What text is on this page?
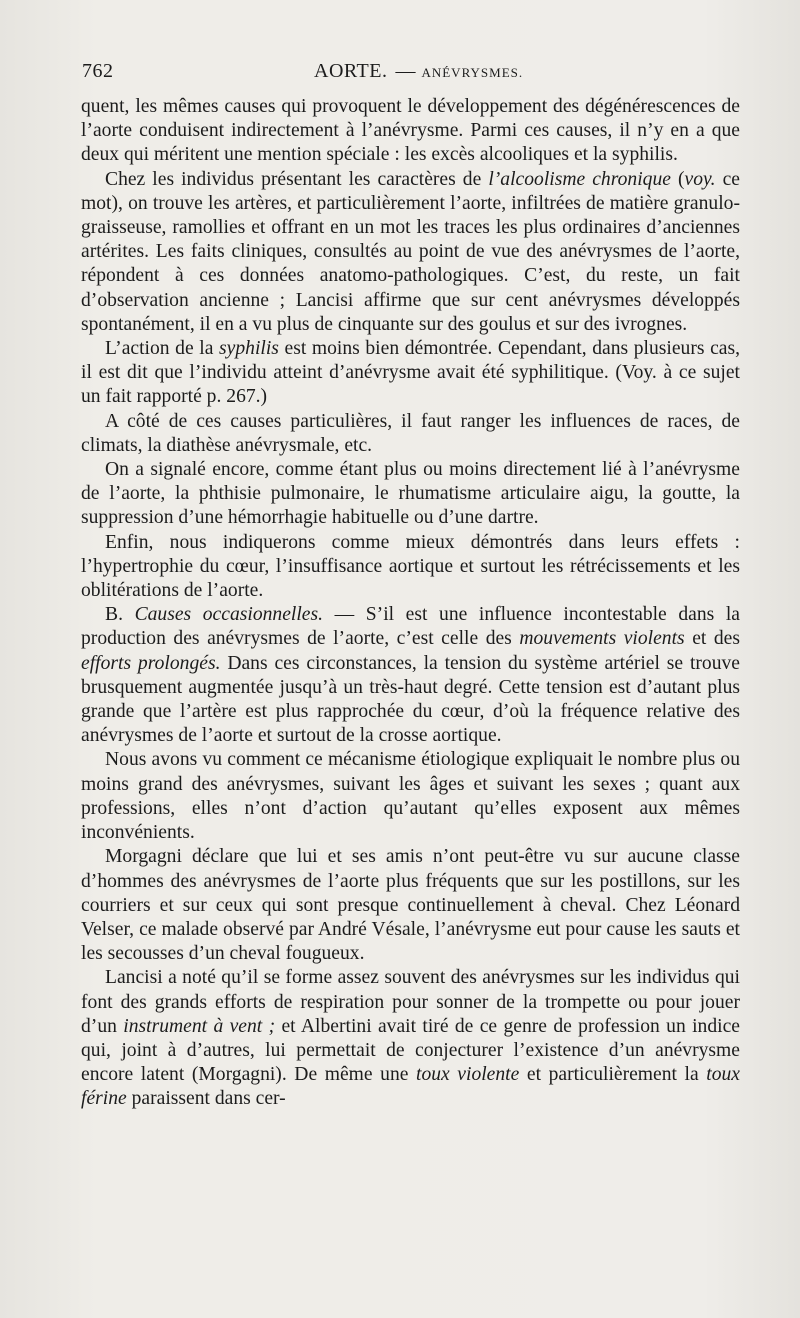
762	AORTE. — ANÉVRYSMES.

quent, les mêmes causes qui provoquent le développement des dégénérescences de l’aorte conduisent indirectement à l’anévrysme. Parmi ces causes, il n’y en a que deux qui méritent une mention spéciale : les excès alcooliques et la syphilis.

Chez les individus présentant les caractères de l’alcoolisme chronique (voy. ce mot), on trouve les artères, et particulièrement l’aorte, infiltrées de matière granulo-graisseuse, ramollies et offrant en un mot les traces les plus ordinaires d’anciennes artérites. Les faits cliniques, consultés au point de vue des anévrysmes de l’aorte, répondent à ces données anatomo-pathologiques. C’est, du reste, un fait d’observation ancienne ; Lancisi affirme que sur cent anévrysmes développés spontanément, il en a vu plus de cinquante sur des goulus et sur des ivrognes.

L’action de la syphilis est moins bien démontrée. Cependant, dans plusieurs cas, il est dit que l’individu atteint d’anévrysme avait été syphilitique. (Voy. à ce sujet un fait rapporté p. 267.)

A côté de ces causes particulières, il faut ranger les influences de races, de climats, la diathèse anévrysmale, etc.

On a signalé encore, comme étant plus ou moins directement lié à l’anévrysme de l’aorte, la phthisie pulmonaire, le rhumatisme articulaire aigu, la goutte, la suppression d’une hémorrhagie habituelle ou d’une dartre.

Enfin, nous indiquerons comme mieux démontrés dans leurs effets : l’hypertrophie du cœur, l’insuffisance aortique et surtout les rétrécissements et les oblitérations de l’aorte.

B. Causes occasionnelles. — S’il est une influence incontestable dans la production des anévrysmes de l’aorte, c’est celle des mouvements violents et des efforts prolongés. Dans ces circonstances, la tension du système artériel se trouve brusquement augmentée jusqu’à un très-haut degré. Cette tension est d’autant plus grande que l’artère est plus rapprochée du cœur, d’où la fréquence relative des anévrysmes de l’aorte et surtout de la crosse aortique.

Nous avons vu comment ce mécanisme étiologique expliquait le nombre plus ou moins grand des anévrysmes, suivant les âges et suivant les sexes ; quant aux professions, elles n’ont d’action qu’autant qu’elles exposent aux mêmes inconvénients.

Morgagni déclare que lui et ses amis n’ont peut-être vu sur aucune classe d’hommes des anévrysmes de l’aorte plus fréquents que sur les postillons, sur les courriers et sur ceux qui sont presque continuellement à cheval. Chez Léonard Velser, ce malade observé par André Vésale, l’anévrysme eut pour cause les sauts et les secousses d’un cheval fougueux.

Lancisi a noté qu’il se forme assez souvent des anévrysmes sur les individus qui font des grands efforts de respiration pour sonner de la trompette ou pour jouer d’un instrument à vent ; et Albertini avait tiré de ce genre de profession un indice qui, joint à d’autres, lui permettait de conjecturer l’existence d’un anévrysme encore latent (Morgagni). De même une toux violente et particulièrement la toux férine paraissent dans cer-
